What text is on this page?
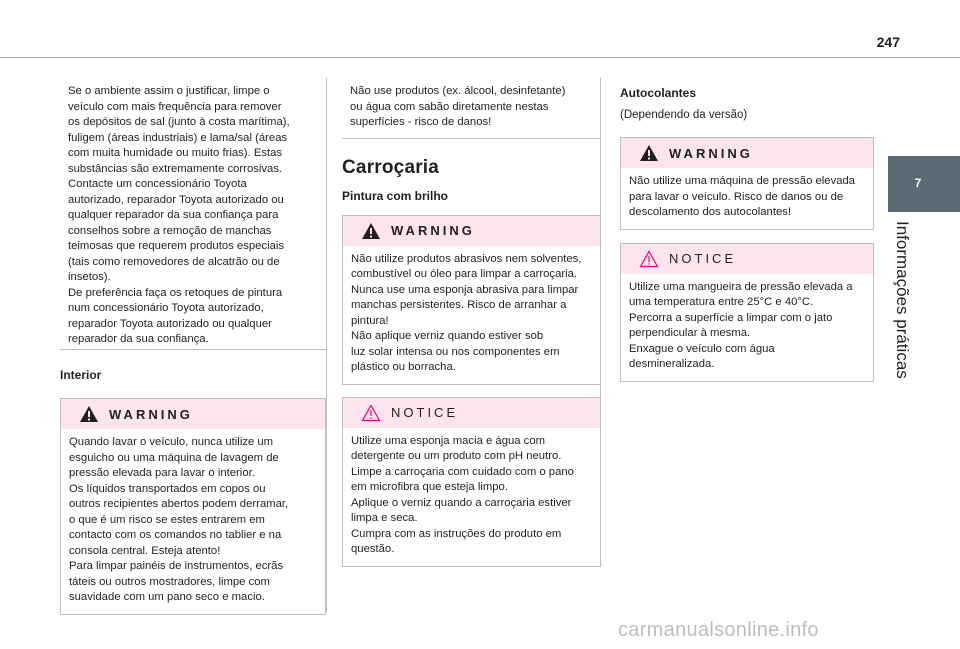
247
7
Informações práticas
Se o ambiente assim o justificar, limpe o
veículo com mais frequência para remover
os depósitos de sal (junto à costa marítima),
fuligem (áreas industriais) e lama/sal (áreas
com muita humidade ou muito frias). Estas
substâncias são extremamente corrosivas.
Contacte um concessionário Toyota
autorizado, reparador Toyota autorizado ou
qualquer reparador da sua confiança para
conselhos sobre a remoção de manchas
teimosas que requerem produtos especiais
(tais como removedores de alcatrão ou de
insetos).
De preferência faça os retoques de pintura
num concessionário Toyota autorizado,
reparador Toyota autorizado ou qualquer
reparador da sua confiança.
Interior
WARNING
Quando lavar o veículo, nunca utilize um
esguicho ou uma máquina de lavagem de
pressão elevada para lavar o interior.
Os líquidos transportados em copos ou
outros recipientes abertos podem derramar,
o que é um risco se estes entrarem em
contacto com os comandos no tablier e na
consola central. Esteja atento!
Para limpar painéis de instrumentos, ecrãs
táteis ou outros mostradores, limpe com
suavidade com um pano seco e macio.
Não use produtos (ex. álcool, desinfetante)
ou água com sabão diretamente nestas
superfícies - risco de danos!
Carroçaria
Pintura com brilho
WARNING
Não utilize produtos abrasivos nem solventes,
combustível ou óleo para limpar a carroçaria.
Nunca use uma esponja abrasiva para limpar
manchas persistentes. Risco de arranhar a
pintura!
Não aplique verniz quando estiver sob
luz solar intensa ou nos componentes em
plástico ou borracha.
NOTICE
Utilize uma esponja macia e água com
detergente ou um produto com pH neutro.
Limpe a carroçaria com cuidado com o pano
em microfibra que esteja limpo.
Aplique o verniz quando a carroçaria estiver
limpa e seca.
Cumpra com as instruções do produto em
questão.
Autocolantes
(Dependendo da versão)
WARNING
Não utilize uma máquina de pressão elevada
para lavar o veículo. Risco de danos ou de
descolamento dos autocolantes!
NOTICE
Utilize uma mangueira de pressão elevada a
uma temperatura entre 25°C e 40°C.
Percorra a superfície a limpar com o jato
perpendicular à mesma.
Enxague o veículo com água
desmineralizada.
carmanualsonline.info
